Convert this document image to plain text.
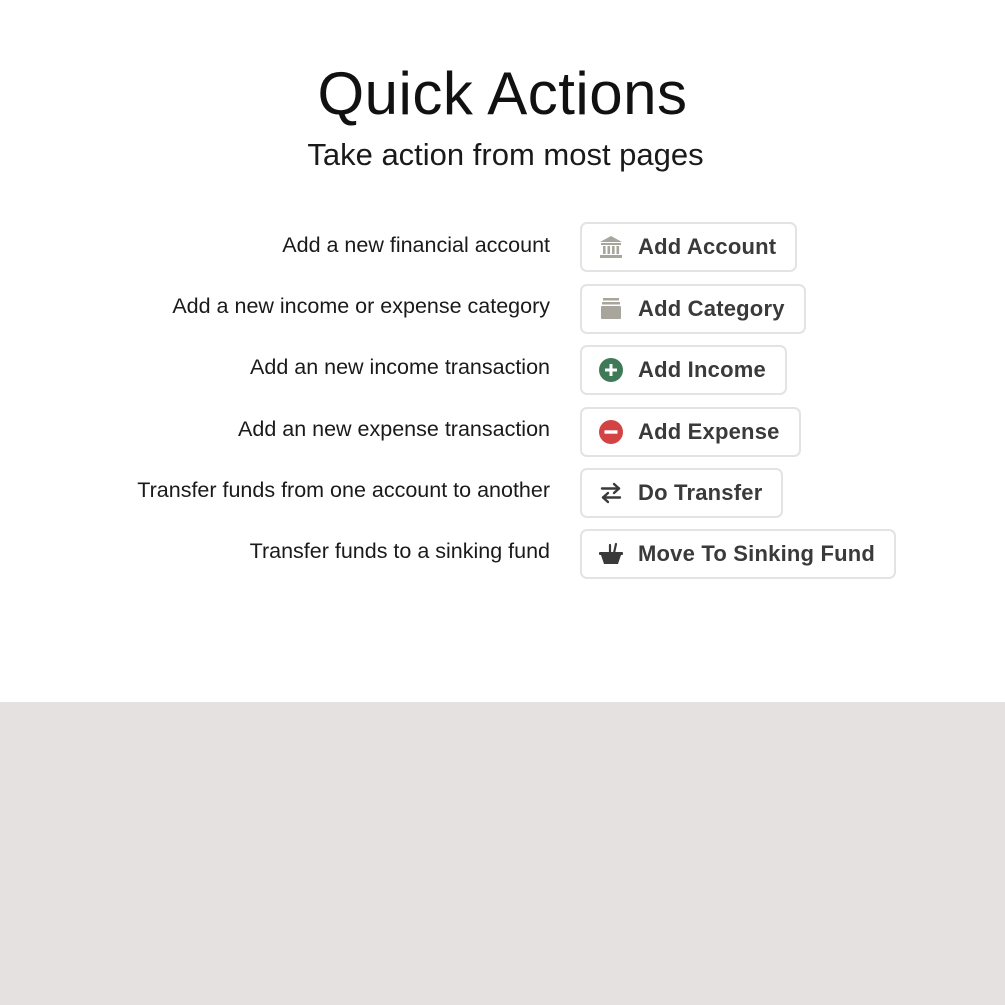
Quick Actions
Take action from most pages
Add a new financial account	Add Account
Add a new income or expense category	Add Category
Add an new income transaction	Add Income
Add an new expense transaction	Add Expense
Transfer funds from one account to another	Do Transfer
Transfer funds to a sinking fund	Move To Sinking Fund
